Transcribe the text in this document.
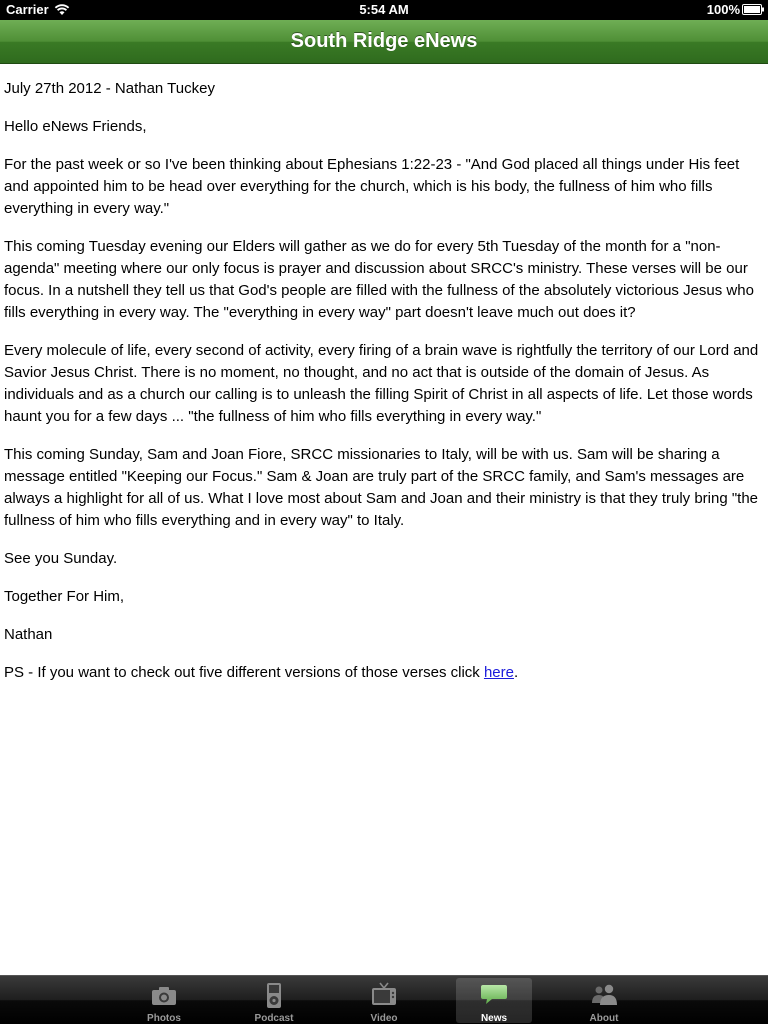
Carrier	5:54 AM	100%
South Ridge eNews

July 27th 2012 - Nathan Tuckey

Hello eNews Friends,

For the past week or so I've been thinking about Ephesians 1:22-23 - "And God placed all things under His feet and appointed him to be head over everything for the church, which is his body, the fullness of him who fills everything in every way."

This coming Tuesday evening our Elders will gather as we do for every 5th Tuesday of the month for a "non-agenda" meeting where our only focus is prayer and discussion about SRCC's ministry. These verses will be our focus. In a nutshell they tell us that God's people are filled with the fullness of the absolutely victorious Jesus who fills everything in every way. The "everything in every way" part doesn't leave much out does it?

Every molecule of life, every second of activity, every firing of a brain wave is rightfully the territory of our Lord and Savior Jesus Christ. There is no moment, no thought, and no act that is outside of the domain of Jesus. As individuals and as a church our calling is to unleash the filling Spirit of Christ in all aspects of life. Let those words haunt you for a few days ... "the fullness of him who fills everything in every way."

This coming Sunday, Sam and Joan Fiore, SRCC missionaries to Italy, will be with us. Sam will be sharing a message entitled "Keeping our Focus." Sam & Joan are truly part of the SRCC family, and Sam's messages are always a highlight for all of us. What I love most about Sam and Joan and their ministry is that they truly bring "the fullness of him who fills everything and in every way" to Italy.

See you Sunday.

Together For Him,

Nathan

PS - If you want to check out five different versions of those verses click here.

Photos	Podcast	Video	News	About
